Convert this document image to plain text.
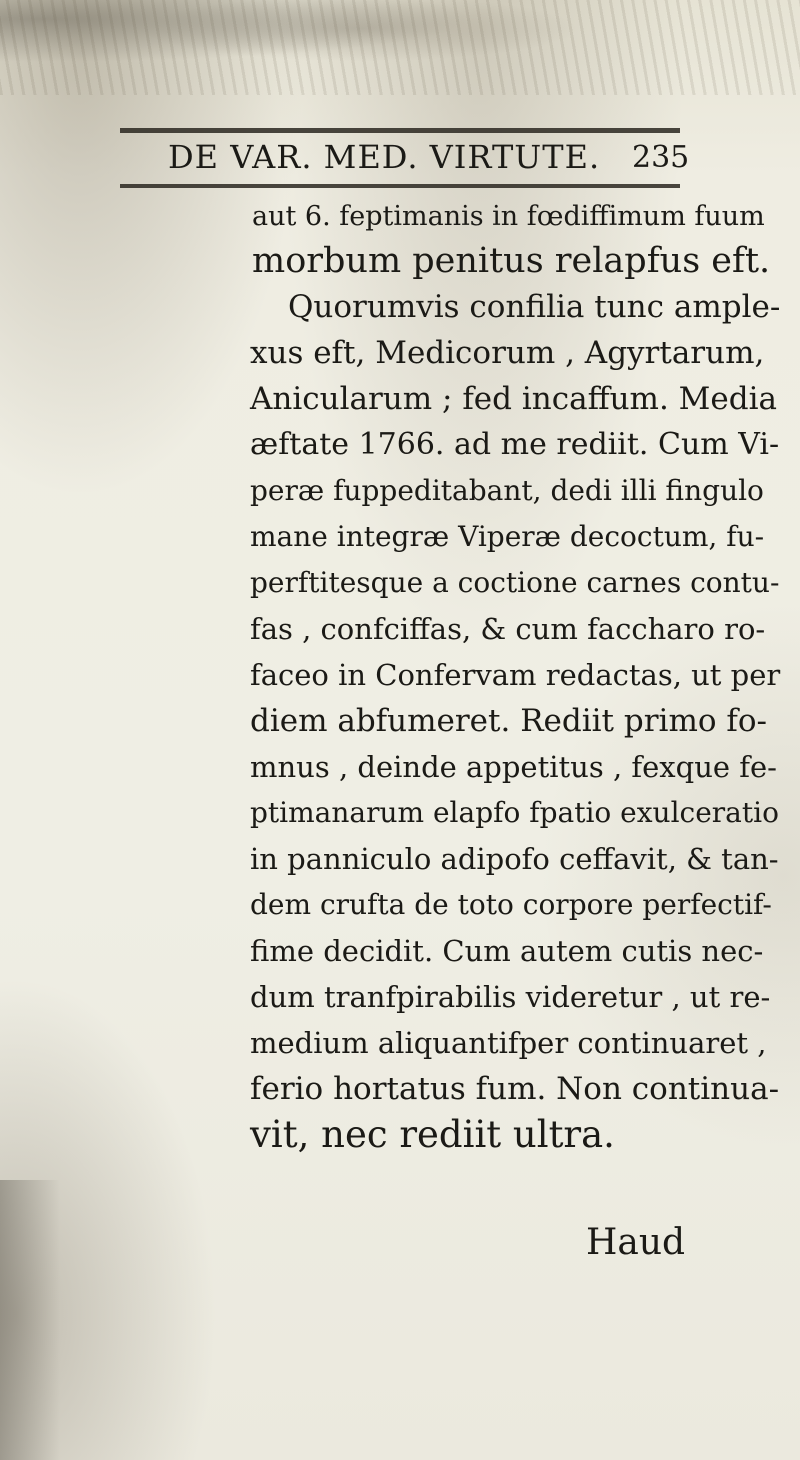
DE VAR. MED. VIRTUTE. 235
aut 6. feptimanis in fœdiffimum fuum
morbum penitus relapfus eft.
Quorumvis confilia tunc ample-
xus eft, Medicorum , Agyrtarum,
Anicularum ; fed incaffum. Media
æftate 1766. ad me rediit. Cum Vi-
peræ fuppeditabant, dedi illi fingulo
mane integræ Viperæ decoctum, fu-
perftitesque a coctione carnes contu-
fas , confciffas, & cum faccharo ro-
faceo in Confervam redactas, ut per
diem abfumeret. Rediit primo fo-
mnus , deinde appetitus , fexque fe-
ptimanarum elapfo fpatio exulceratio
in panniculo adipofo ceffavit, & tan-
dem crufta de toto corpore perfectif-
fime decidit. Cum autem cutis nec-
dum tranfpirabilis videretur , ut re-
medium aliquantifper continuaret ,
ferio hortatus fum. Non continua-
vit, nec rediit ultra.
Haud
